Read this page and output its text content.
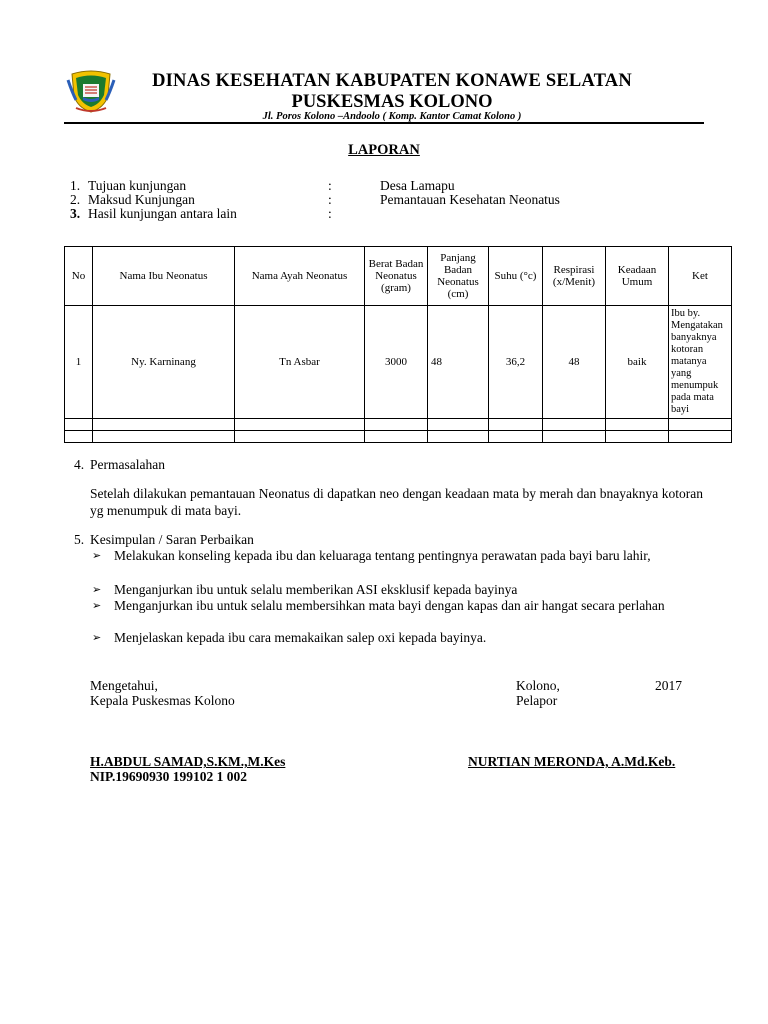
DINAS KESEHATAN KABUPATEN KONAWE SELATAN
PUSKESMAS KOLONO
Jl. Poros Kolono –Andoolo ( Komp. Kantor Camat Kolono )
LAPORAN
1. Tujuan kunjungan	:	Desa Lamapu
2. Maksud Kunjungan	:	Pemantauan Kesehatan Neonatus
3. Hasil kunjungan antara lain	:
No	Nama Ibu Neonatus	Nama Ayah Neonatus	Berat Badan Neonatus (gram)	Panjang Badan Neonatus (cm)	Suhu (°c)	Respirasi (x/Menit)	Keadaan Umum	Ket
1	Ny. Karninang	Tn Asbar	3000	48	36,2	48	baik	Ibu by. Mengatakan banyaknya kotoran matanya yang menumpuk pada mata bayi

4. Permasalahan
Setelah dilakukan pemantauan Neonatus di dapatkan neo dengan keadaan mata by merah dan bnayaknya kotoran yg menumpuk di mata bayi.
5. Kesimpulan / Saran Perbaikan
➢ Melakukan konseling kepada ibu dan keluaraga tentang pentingnya perawatan pada bayi baru lahir,
➢ Menganjurkan ibu untuk selalu memberikan ASI eksklusif kepada bayinya
➢ Menganjurkan ibu untuk selalu membersihkan mata bayi dengan kapas dan air hangat secara perlahan
➢ Menjelaskan kepada ibu cara memakaikan salep oxi kepada bayinya.
Mengetahui,
Kepala Puskesmas Kolono
Kolono,	2017
Pelapor
H.ABDUL SAMAD,S.KM.,M.Kes
NIP.19690930 199102 1 002
NURTIAN MERONDA, A.Md.Keb.
